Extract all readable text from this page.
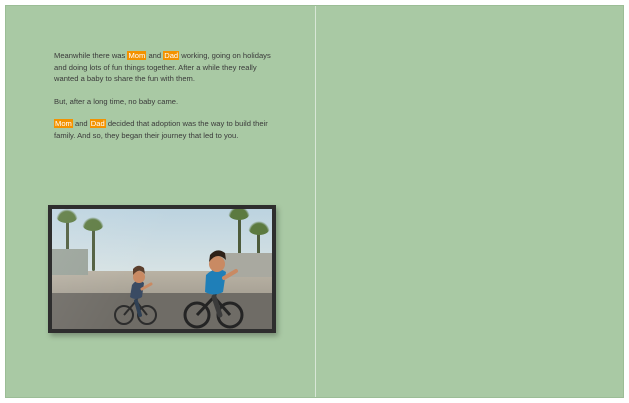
Meanwhile there was Mom and Dad working, going on holidays and doing lots of fun things together. After a while they really wanted a baby to share the fun with them.

But, after a long time, no baby came.

Mom and Dad decided that adoption was the way to build their family. And so, they began their journey that led to you.
